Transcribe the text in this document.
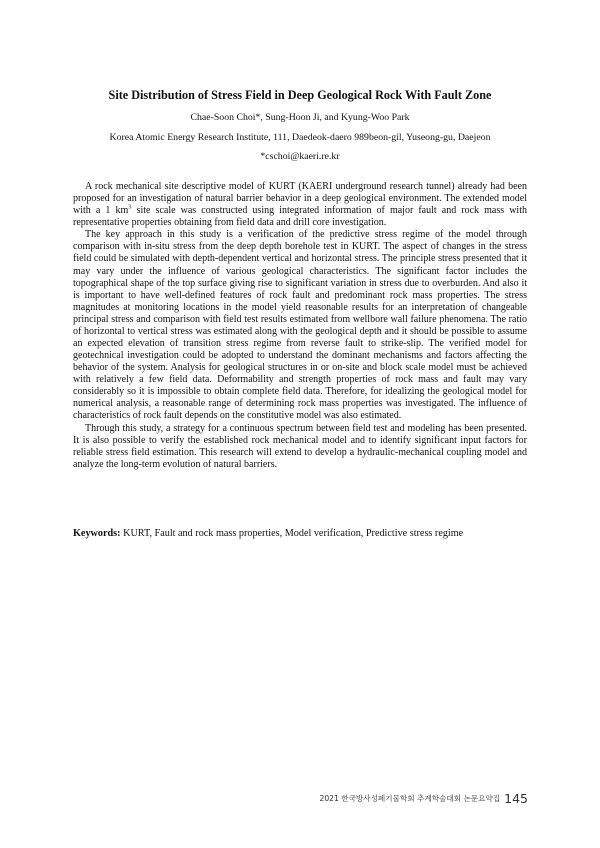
Site Distribution of Stress Field in Deep Geological Rock With Fault Zone
Chae-Soon Choi*, Sung-Hoon Ji, and Kyung-Woo Park
Korea Atomic Energy Research Institute, 111, Daedeok-daero 989beon-gil, Yuseong-gu, Daejeon
*cschoi@kaeri.re.kr

A rock mechanical site descriptive model of KURT (KAERI underground research tunnel) already had been proposed for an investigation of natural barrier behavior in a deep geological environment. The extended model with a 1 $km^3$ site scale was constructed using integrated information of major fault and rock mass with representative properties obtaining from field data and drill core investigation.

The key approach in this study is a verification of the predictive stress regime of the model through comparison with in-situ stress from the deep depth borehole test in KURT. The aspect of changes in the stress field could be simulated with depth-dependent vertical and horizontal stress. The principle stress presented that it may vary under the influence of various geological characteristics. The significant factor includes the topographical shape of the top surface giving rise to significant variation in stress due to overburden. And also it is important to have well-defined features of rock fault and predominant rock mass properties. The stress magnitudes at monitoring locations in the model yield reasonable results for an interpretation of changeable principal stress and comparison with field test results estimated from wellbore wall failure phenomena. The ratio of horizontal to vertical stress was estimated along with the geological depth and it should be possible to assume an expected elevation of transition stress regime from reverse fault to strike-slip. The verified model for geotechnical investigation could be adopted to understand the dominant mechanisms and factors affecting the behavior of the system. Analysis for geological structures in or on-site and block scale model must be achieved with relatively a few field data. Deformability and strength properties of rock mass and fault may vary considerably so it is impossible to obtain complete field data. Therefore, for idealizing the geological model for numerical analysis, a reasonable range of determining rock mass properties was investigated. The influence of characteristics of rock fault depends on the constitutive model was also estimated.

Through this study, a strategy for a continuous spectrum between field test and modeling has been presented. It is also possible to verify the established rock mechanical model and to identify significant input factors for reliable stress field estimation. This research will extend to develop a hydraulic-mechanical coupling model and analyze the long-term evolution of natural barriers.

Keywords: KURT, Fault and rock mass properties, Model verification, Predictive stress regime
2021 한국방사성폐기물학회 추계학술대회 논문요약집 145
